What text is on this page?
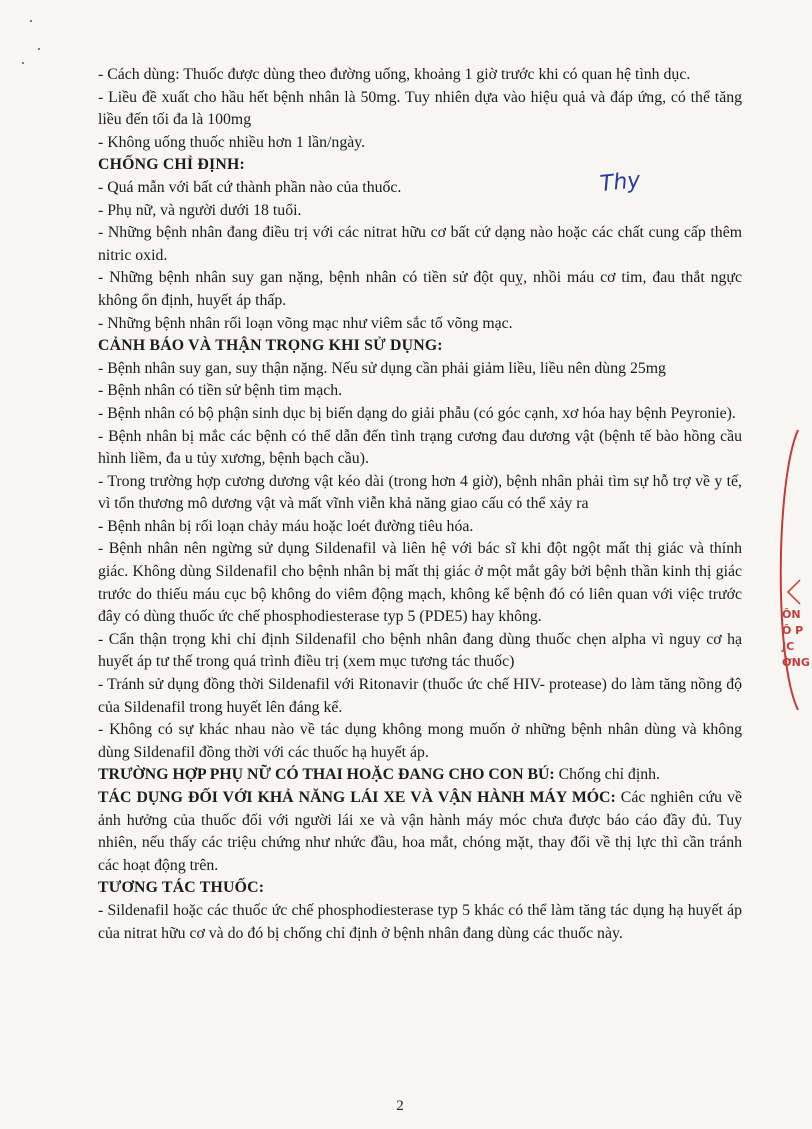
- Cách dùng: Thuốc được dùng theo đường uống, khoảng 1 giờ trước khi có quan hệ tình dục.

- Liều đề xuất cho hầu hết bệnh nhân là 50mg. Tuy nhiên dựa vào hiệu quả và đáp ứng, có thể tăng liều đến tối đa là 100mg

- Không uống thuốc nhiều hơn 1 lần/ngày.

CHỐNG CHỈ ĐỊNH:

- Quá mẫn với bất cứ thành phần nào của thuốc.

- Phụ nữ, và người dưới 18 tuổi.

- Những bệnh nhân đang điều trị với các nitrat hữu cơ bất cứ dạng nào hoặc các chất cung cấp thêm nitric oxid.

- Những bệnh nhân suy gan nặng, bệnh nhân có tiền sử đột quỵ, nhồi máu cơ tim, đau thắt ngực không ổn định, huyết áp thấp.

- Những bệnh nhân rối loạn võng mạc như viêm sắc tố võng mạc.

CẢNH BÁO VÀ THẬN TRỌNG KHI SỬ DỤNG:

- Bệnh nhân suy gan, suy thận nặng. Nếu sử dụng cần phải giảm liều, liều nên dùng 25mg

- Bệnh nhân có tiền sử bệnh tim mạch.

- Bệnh nhân có bộ phận sinh dục bị biến dạng do giải phẫu (có góc cạnh, xơ hóa hay bệnh Peyronie).

- Bệnh nhân bị mắc các bệnh có thể dẫn đến tình trạng cương đau dương vật (bệnh tế bào hồng cầu hình liềm, đa u tủy xương, bệnh bạch cầu).

- Trong trường hợp cương dương vật kéo dài (trong hơn 4 giờ), bệnh nhân phải tìm sự hỗ trợ về y tế, vì tổn thương mô dương vật và mất vĩnh viễn khả năng giao cấu có thể xảy ra

- Bệnh nhân bị rối loạn chảy máu hoặc loét đường tiêu hóa.

- Bệnh nhân nên ngừng sử dụng Sildenafil và liên hệ với bác sĩ khi đột ngột mất thị giác và thính giác. Không dùng Sildenafil cho bệnh nhân bị mất thị giác ở một mắt gây bởi bệnh thần kinh thị giác trước do thiếu máu cục bộ không do viêm động mạch, không kể bệnh đó có liên quan với việc trước đây có dùng thuốc ức chế phosphodiesterase typ 5 (PDE5) hay không.

- Cẩn thận trọng khi chỉ định Sildenafil cho bệnh nhân đang dùng thuốc chẹn alpha vì nguy cơ hạ huyết áp tư thế trong quá trình điều trị (xem mục tương tác thuốc)

- Tránh sử dụng đồng thời Sildenafil với Ritonavir (thuốc ức chế HIV- protease) do làm tăng nồng độ của Sildenafil trong huyết lên đáng kể.

- Không có sự khác nhau nào về tác dụng không mong muốn ở những bệnh nhân dùng và không dùng Sildenafil đồng thời với các thuốc hạ huyết áp.

TRƯỜNG HỢP PHỤ NỮ CÓ THAI HOẶC ĐANG CHO CON BÚ: Chống chỉ định.

TÁC DỤNG ĐỐI VỚI KHẢ NĂNG LÁI XE VÀ VẬN HÀNH MÁY MÓC: Các nghiên cứu về ảnh hưởng của thuốc đối với người lái xe và vận hành máy móc chưa được báo cáo đầy đủ. Tuy nhiên, nếu thấy các triệu chứng như nhức đầu, hoa mắt, chóng mặt, thay đổi về thị lực thì cần tránh các hoạt động trên.

TƯƠNG TÁC THUỐC:

- Sildenafil hoặc các thuốc ức chế phosphodiesterase typ 5 khác có thể làm tăng tác dụng hạ huyết áp của nitrat hữu cơ và do đó bị chống chỉ định ở bệnh nhân đang dùng các thuốc này.

Thy
ÔN
Ô P
JC
ỜNG
2
